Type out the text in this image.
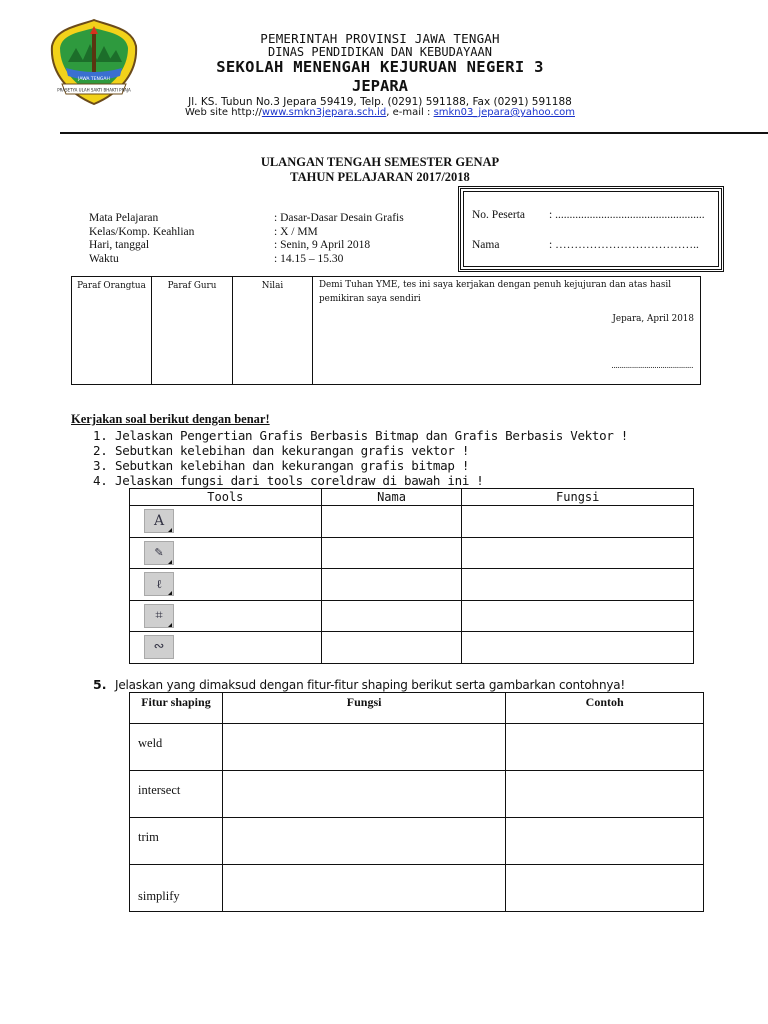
PRASETYA ULAH SAKTI BHAKTI PRAJA
JAWA TENGAH
PEMERINTAH PROVINSI JAWA TENGAH
DINAS PENDIDIKAN DAN KEBUDAYAAN
SEKOLAH MENENGAH KEJURUAN NEGERI 3
JEPARA
Jl. KS. Tubun No.3 Jepara 59419, Telp. (0291) 591188, Fax (0291) 591188
Web site http://www.smkn3jepara.sch.id, e-mail : smkn03_jepara@yahoo.com
ULANGAN TENGAH SEMESTER GENAP
TAHUN PELAJARAN 2017/2018
Mata Pelajaran	: Dasar-Dasar Desain Grafis
Kelas/Komp. Keahlian	: X / MM
Hari, tanggal	: Senin, 9 April 2018
Waktu	: 14.15 – 15.30
No. Peserta : ....................................................
Nama	: ………………………………..
Paraf Orangtua	Paraf Guru	Nilai	Demi Tuhan YME, tes ini saya kerjakan dengan penuh kejujuran dan atas hasil pemikiran saya sendiri
Jepara, April 2018
........................................
Kerjakan soal berikut dengan benar!
1. Jelaskan Pengertian Grafis Berbasis Bitmap dan Grafis Berbasis Vektor !
2. Sebutkan kelebihan dan kekurangan grafis vektor !
3. Sebutkan kelebihan dan kekurangan grafis bitmap !
4. Jelaskan fungsi dari tools coreldraw di bawah ini !
Tools	Nama	Fungsi

A		

✎		

ℓ		

⌗		

∾		

5. Jelaskan yang dimaksud dengan fitur-fitur shaping berikut serta gambarkan contohnya!
Fitur shaping	Fungsi	Contoh
weld		
intersect		
trim		
simplify		
